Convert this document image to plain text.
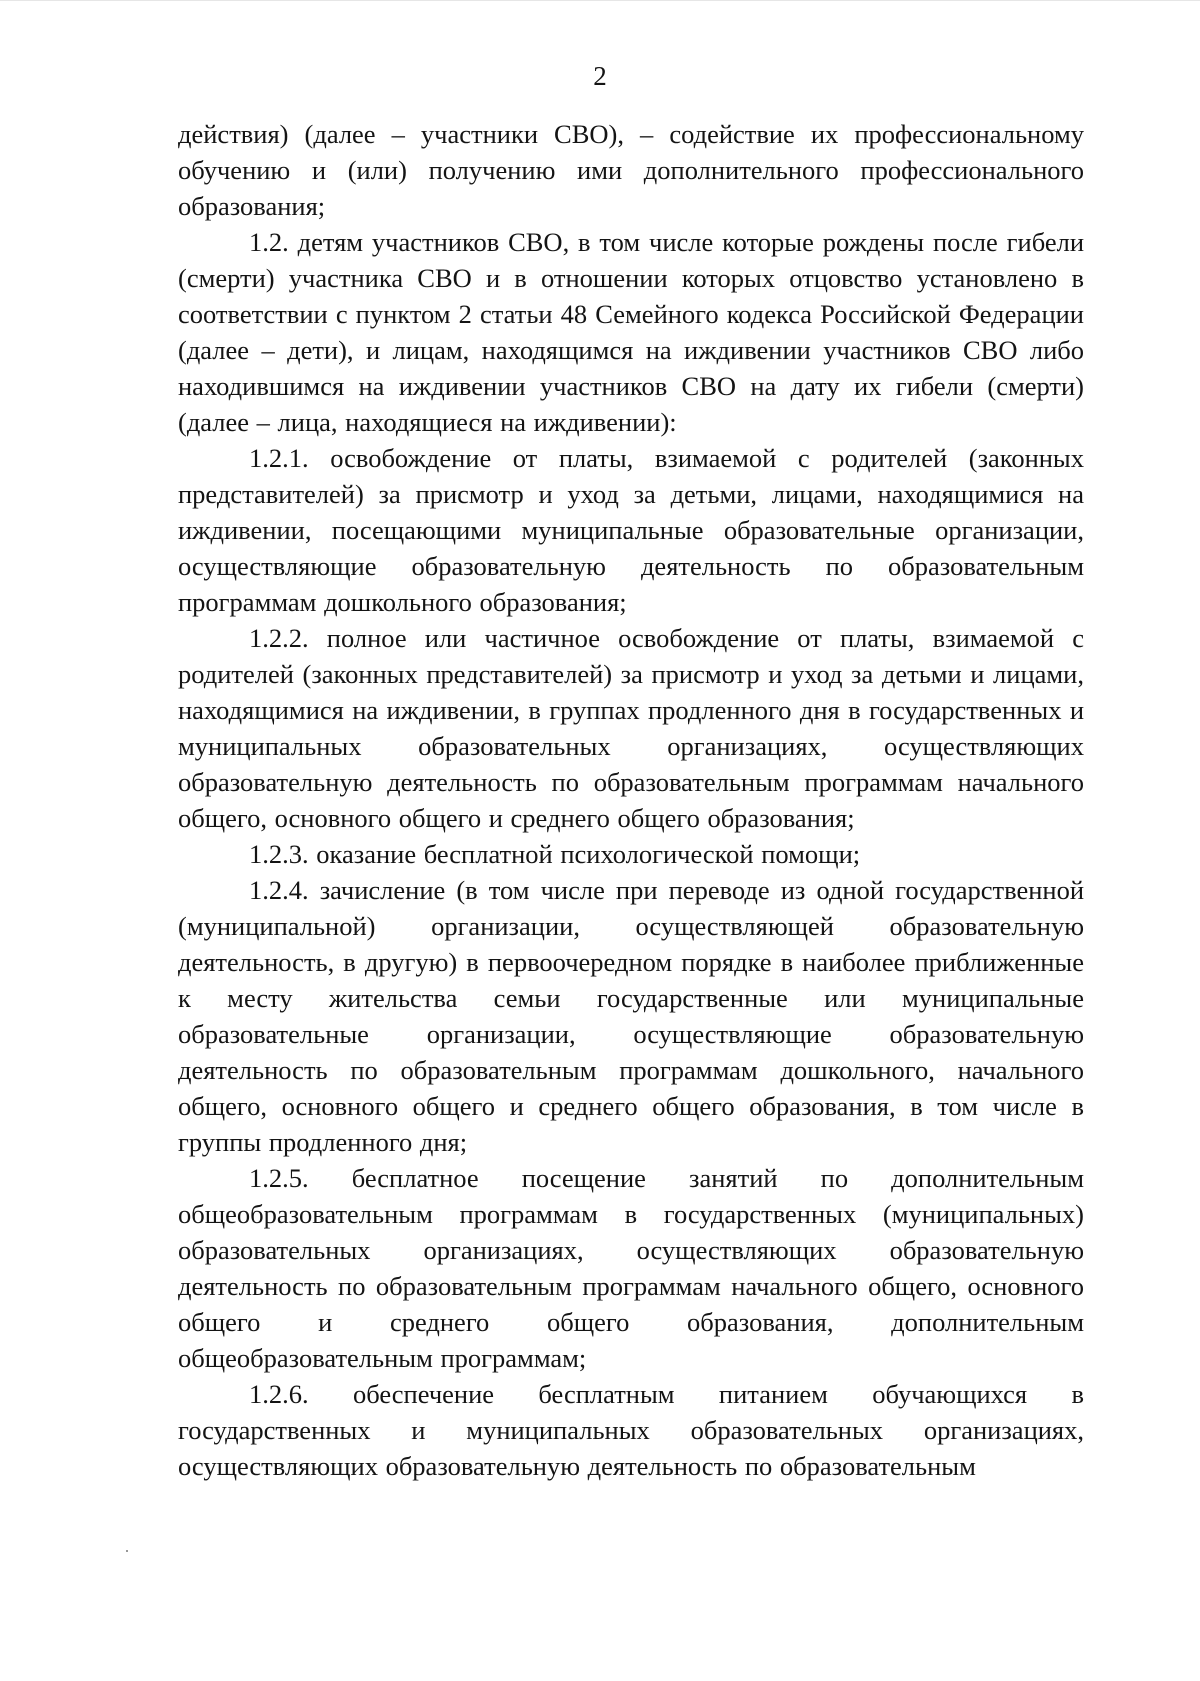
2

действия) (далее – участники СВО), – содействие их профессиональному обучению и (или) получению ими дополнительного профессионального образования;

1.2. детям участников СВО, в том числе которые рождены после гибели (смерти) участника СВО и в отношении которых отцовство установлено в соответствии с пунктом 2 статьи 48 Семейного кодекса Российской Федерации (далее – дети), и лицам, находящимся на иждивении участников СВО либо находившимся на иждивении участников СВО на дату их гибели (смерти) (далее – лица, находящиеся на иждивении):

1.2.1. освобождение от платы, взимаемой с родителей (законных представителей) за присмотр и уход за детьми, лицами, находящимися на иждивении, посещающими муниципальные образовательные организации, осуществляющие образовательную деятельность по образовательным программам дошкольного образования;

1.2.2. полное или частичное освобождение от платы, взимаемой с родителей (законных представителей) за присмотр и уход за детьми и лицами, находящимися на иждивении, в группах продленного дня в государственных и муниципальных образовательных организациях, осуществляющих образовательную деятельность по образовательным программам начального общего, основного общего и среднего общего образования;

1.2.3. оказание бесплатной психологической помощи;

1.2.4. зачисление (в том числе при переводе из одной государственной (муниципальной) организации, осуществляющей образовательную деятельность, в другую) в первоочередном порядке в наиболее приближенные к месту жительства семьи государственные или муниципальные образовательные организации, осуществляющие образовательную деятельность по образовательным программам дошкольного, начального общего, основного общего и среднего общего образования, в том числе в группы продленного дня;

1.2.5. бесплатное посещение занятий по дополнительным общеобразовательным программам в государственных (муниципальных) образовательных организациях, осуществляющих образовательную деятельность по образовательным программам начального общего, основного общего и среднего общего образования, дополнительным общеобразовательным программам;

1.2.6. обеспечение бесплатным питанием обучающихся в государственных и муниципальных образовательных организациях, осуществляющих образовательную деятельность по образовательным
